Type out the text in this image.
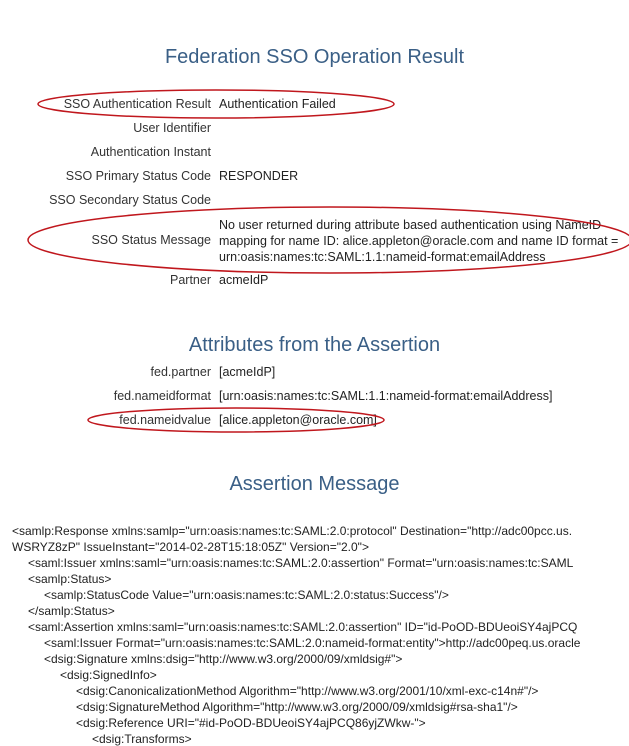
Federation SSO Operation Result
SSO Authentication Result Authentication Failed
User Identifier
Authentication Instant
SSO Primary Status Code RESPONDER
SSO Secondary Status Code
SSO Status Message
No user returned during attribute based authentication using NameID
mapping for name ID: alice.appleton@oracle.com and name ID format =
urn:oasis:names:tc:SAML:1.1:nameid-format:emailAddress
Partner acmeIdP
Attributes from the Assertion
fed.partner [acmeIdP]
fed.nameidformat [urn:oasis:names:tc:SAML:1.1:nameid-format:emailAddress]
fed.nameidvalue [alice.appleton@oracle.com]
Assertion Message
<samlp:Response xmlns:samlp="urn:oasis:names:tc:SAML:2.0:protocol" Destination="http://adc00pcc.us.
WSRYZ8zP" IssueInstant="2014-02-28T15:18:05Z" Version="2.0">
<saml:Issuer xmlns:saml="urn:oasis:names:tc:SAML:2.0:assertion" Format="urn:oasis:names:tc:SAML
<samlp:Status>
<samlp:StatusCode Value="urn:oasis:names:tc:SAML:2.0:status:Success"/>
</samlp:Status>
<saml:Assertion xmlns:saml="urn:oasis:names:tc:SAML:2.0:assertion" ID="id-PoOD-BDUeoiSY4ajPCQ
<saml:Issuer Format="urn:oasis:names:tc:SAML:2.0:nameid-format:entity">http://adc00peq.us.oracle
<dsig:Signature xmlns:dsig="http://www.w3.org/2000/09/xmldsig#">
<dsig:SignedInfo>
<dsig:CanonicalizationMethod Algorithm="http://www.w3.org/2001/10/xml-exc-c14n#"/>
<dsig:SignatureMethod Algorithm="http://www.w3.org/2000/09/xmldsig#rsa-sha1"/>
<dsig:Reference URI="#id-PoOD-BDUeoiSY4ajPCQ86yjZWkw-">
<dsig:Transforms>
